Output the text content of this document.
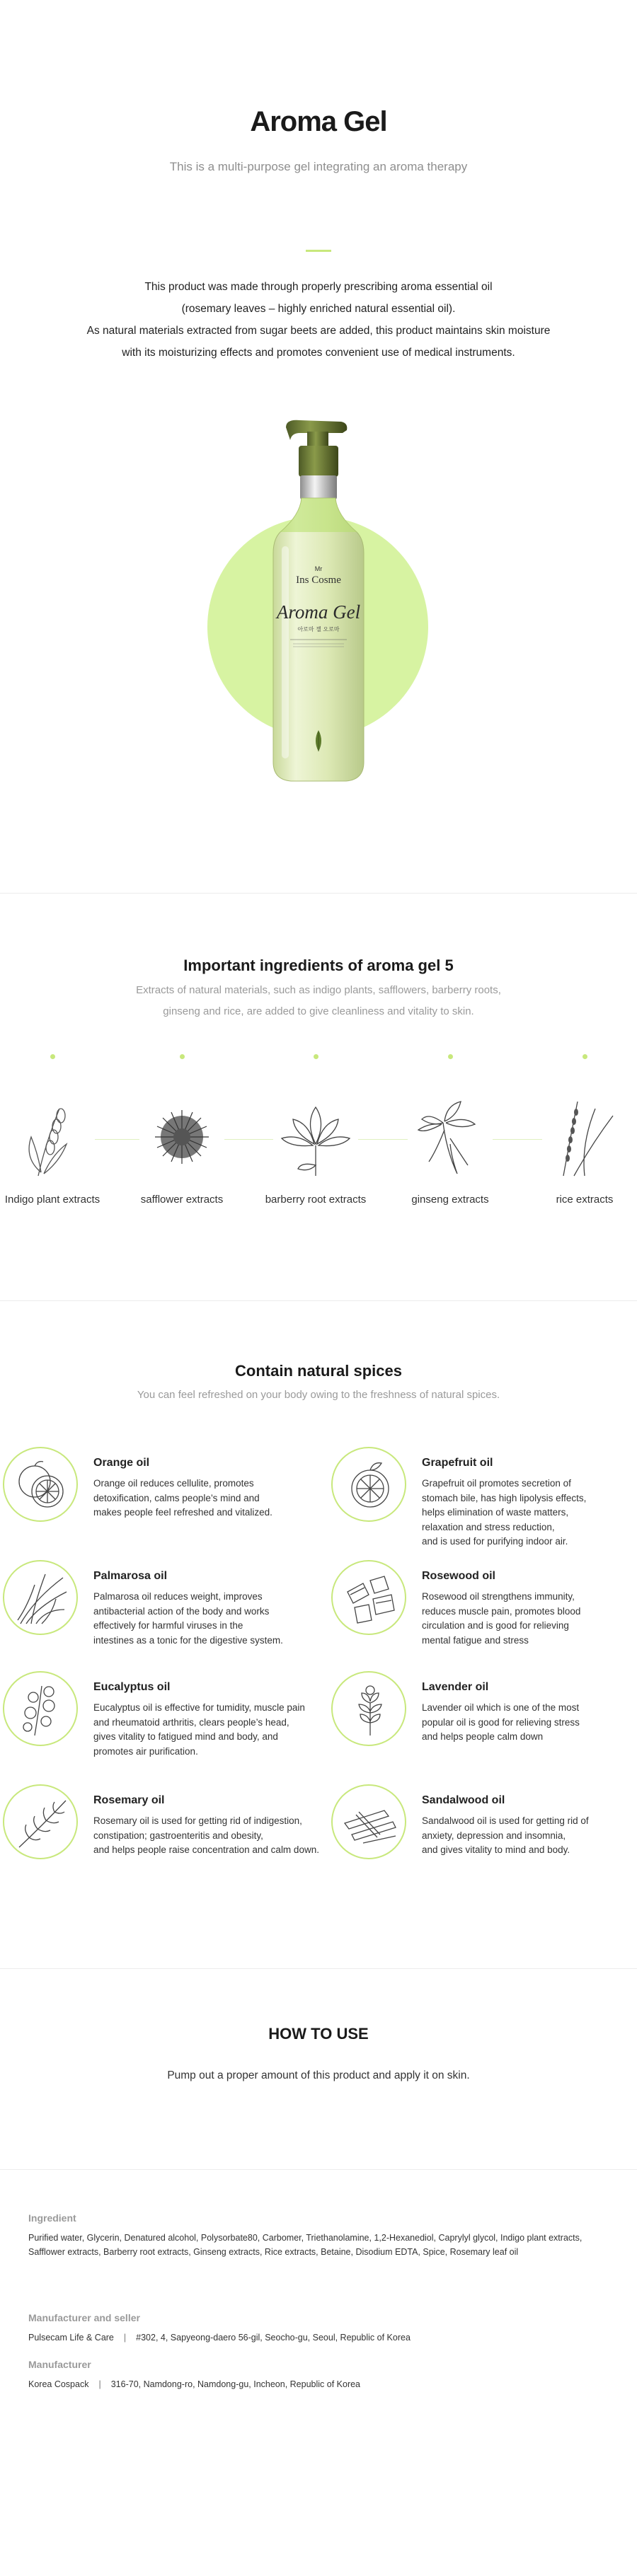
Aroma Gel
This is a multi-purpose gel integrating an aroma therapy
This product was made through properly prescribing aroma essential oil
(rosemary leaves – highly enriched natural essential oil).
As natural materials extracted from sugar beets are added, this product maintains skin moisture
with its moisturizing effects and promotes convenient use of medical instruments.
Mr
Ins Cosme
Aroma Gel
아로마 젤 오로마
Important ingredients of aroma gel 5
Extracts of natural materials, such as indigo plants, safflowers, barberry roots,
ginseng and rice, are added to give cleanliness and vitality to skin.
Indigo plant extracts	safflower extracts	barberry root extracts	ginseng extracts	rice extracts
Contain natural spices
You can feel refreshed on your body owing to the freshness of natural spices.
Orange oil
Orange oil reduces cellulite, promotes
detoxification, calms people’s mind and
makes people feel refreshed and vitalized.
Grapefruit oil
Grapefruit oil promotes secretion of
stomach bile, has high lipolysis effects,
helps elimination of waste matters,
relaxation and stress reduction,
and is used for purifying indoor air.
Palmarosa oil
Palmarosa oil reduces weight, improves
antibacterial action of the body and works
effectively for harmful viruses in the
intestines as a tonic for the digestive system.
Rosewood oil
Rosewood oil strengthens immunity,
reduces muscle pain, promotes blood
circulation and is good for relieving
mental fatigue and stress
Eucalyptus oil
Eucalyptus oil is effective for tumidity, muscle pain
and rheumatoid arthritis, clears people’s head,
gives vitality to fatigued mind and body, and
promotes air purification.
Lavender oil
Lavender oil which is one of the most
popular oil is good for relieving stress
and helps people calm down
Rosemary oil
Rosemary oil is used for getting rid of indigestion,
constipation; gastroenteritis and obesity,
and helps people raise concentration and calm down.
Sandalwood oil
Sandalwood oil is used for getting rid of
anxiety, depression and insomnia,
and gives vitality to mind and body.
HOW TO USE
Pump out a proper amount of this product and apply it on skin.
Ingredient
Purified water, Glycerin, Denatured alcohol, Polysorbate80, Carbomer, Triethanolamine, 1,2-Hexanediol, Caprylyl glycol, Indigo plant extracts, Safflower extracts, Barberry root extracts, Ginseng extracts, Rice extracts, Betaine, Disodium EDTA, Spice, Rosemary leaf oil
Manufacturer and seller
Pulsecam Life & Care | #302, 4, Sapyeong-daero 56-gil, Seocho-gu, Seoul, Republic of Korea
Manufacturer
Korea Cospack | 316-70, Namdong-ro, Namdong-gu, Incheon, Republic of Korea
